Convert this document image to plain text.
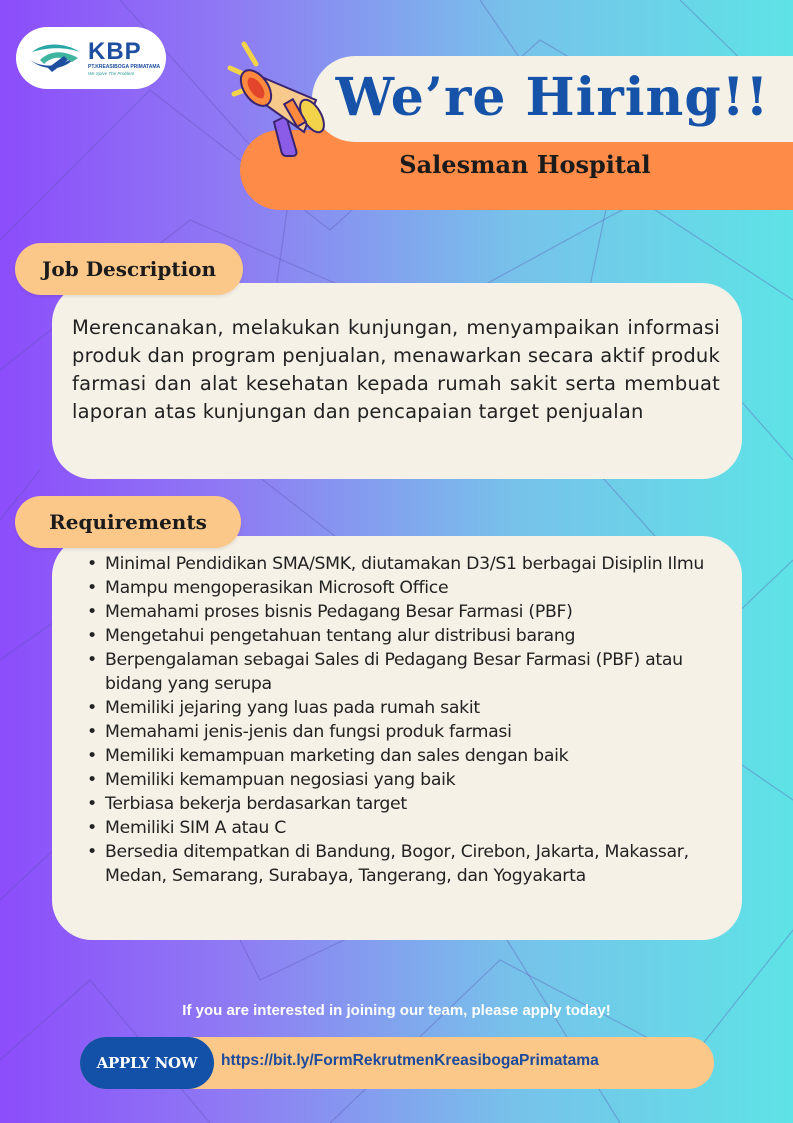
KBP
PT.KREASIBOGA PRIMATAMA
We Solve The Problem
Salesman Hospital
We’re Hiring!!
Job Description

Merencanakan, melakukan kunjungan, menyampaikan informasi produk dan program penjualan, menawarkan secara aktif produk farmasi dan alat kesehatan kepada rumah sakit serta membuat laporan atas kunjungan dan pencapaian target penjualan

Requirements
• Minimal Pendidikan SMA/SMK, diutamakan D3/S1 berbagai Disiplin Ilmu
• Mampu mengoperasikan Microsoft Office
• Memahami proses bisnis Pedagang Besar Farmasi (PBF)
• Mengetahui pengetahuan tentang alur distribusi barang
• Berpengalaman sebagai Sales di Pedagang Besar Farmasi (PBF) atau bidang yang serupa
• Memiliki jejaring yang luas pada rumah sakit
• Memahami jenis-jenis dan fungsi produk farmasi
• Memiliki kemampuan marketing dan sales dengan baik
• Memiliki kemampuan negosiasi yang baik
• Terbiasa bekerja berdasarkan target
• Memiliki SIM A atau C
• Bersedia ditempatkan di Bandung, Bogor, Cirebon, Jakarta, Makassar, Medan, Semarang, Surabaya, Tangerang, dan Yogyakarta
If you are interested in joining our team, please apply today!
APPLY NOW	https://bit.ly/FormRekrutmenKreasibogaPrimatama
